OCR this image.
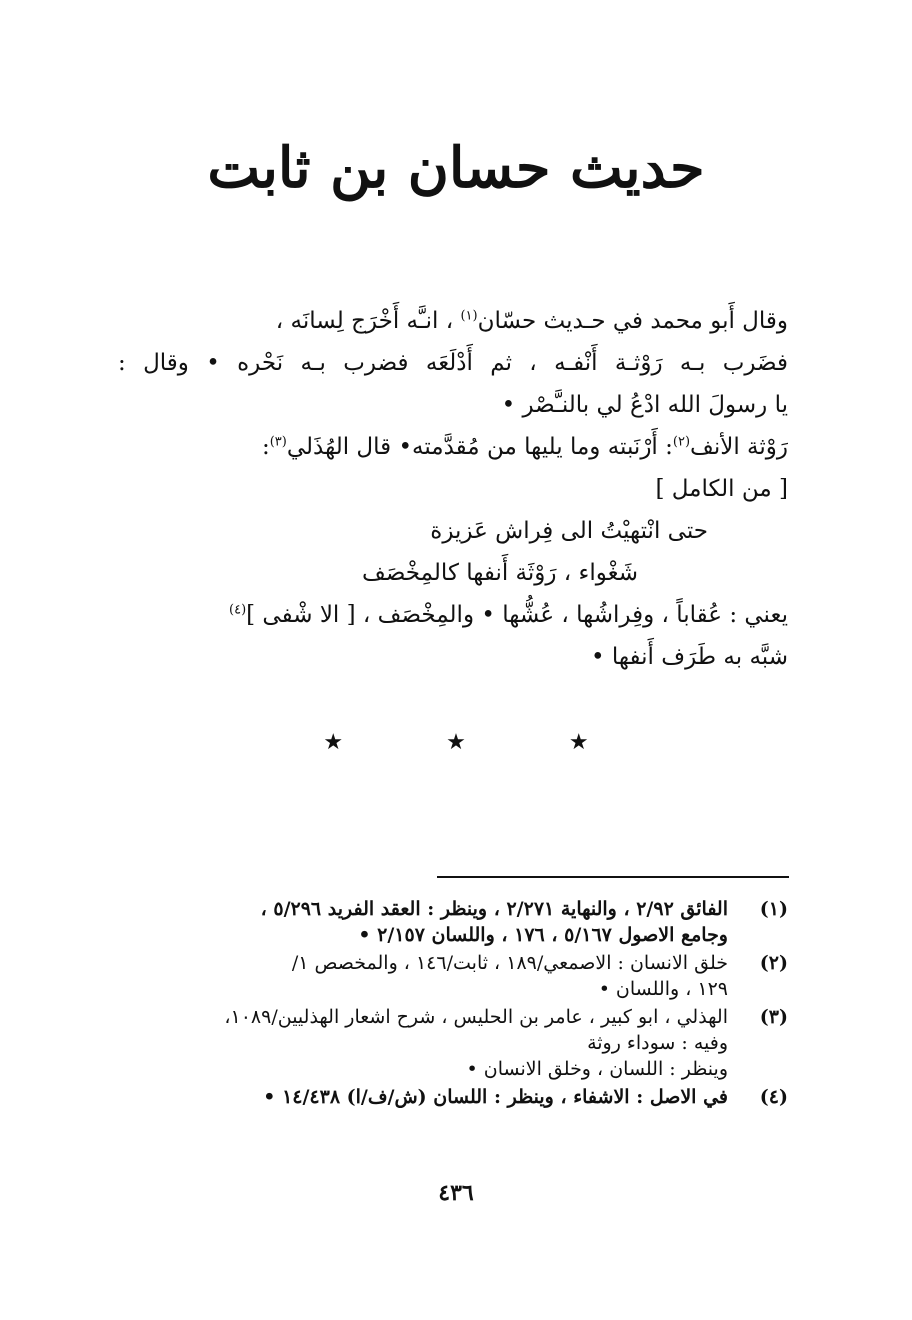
حديث حسان بن ثابت
وقال أَبو محمد في حـديث حسّان$^{(١)}$ ، انـَّه أَخْرَج لِسانَه ،
فضَرب بـه رَوْثـة أَنْفـه ، ثم أَدْلَعَه فضرب بـه نَحْره • وقال :
يا رسولَ الله ادْعُ لي بالنـَّصْر •
رَوْثة الأنف$^{(٢)}$: أَرْنَبته وما يليها من مُقدَّمته• قال الهُذَلي$^{(٣)}$:
[ من الكامل ]
حتى انْتهيْتُ الى فِراش عَزيزة
شَغْواء ، رَوْثَة أَنفها كالمِخْصَف
يعني : عُقاباً ، وفِراشُها ، عُشُّها • والمِخْصَف ، [ الا شْفى ]$^{(٤)}$
شبَّه به طَرَف أَنفها •
★ ★ ★
(١)
الفائق ٢/٩٢ ، والنهاية ٢/٢٧١ ، وينظر : العقد الفريد ٥/٢٩٦ ،
وجامع الاصول ٥/١٦٧ ، ١٧٦ ، واللسان ٢/١٥٧ •
(٢)
خلق الانسان : الاصمعي/١٨٩ ، ثابت/١٤٦ ، والمخصص ١/
١٢٩ ، واللسان •
(٣)
الهذلي ، ابو كبير ، عامر بن الحليس ، شرح اشعار الهذليين/١٠٨٩،
وفيه : سوداء روثة
وينظر : اللسان ، وخلق الانسان •
(٤)
في الاصل : الاشفاء ، وينظر : اللسان (ش/ف/ا) ١٤/٤٣٨ •
٤٣٦
